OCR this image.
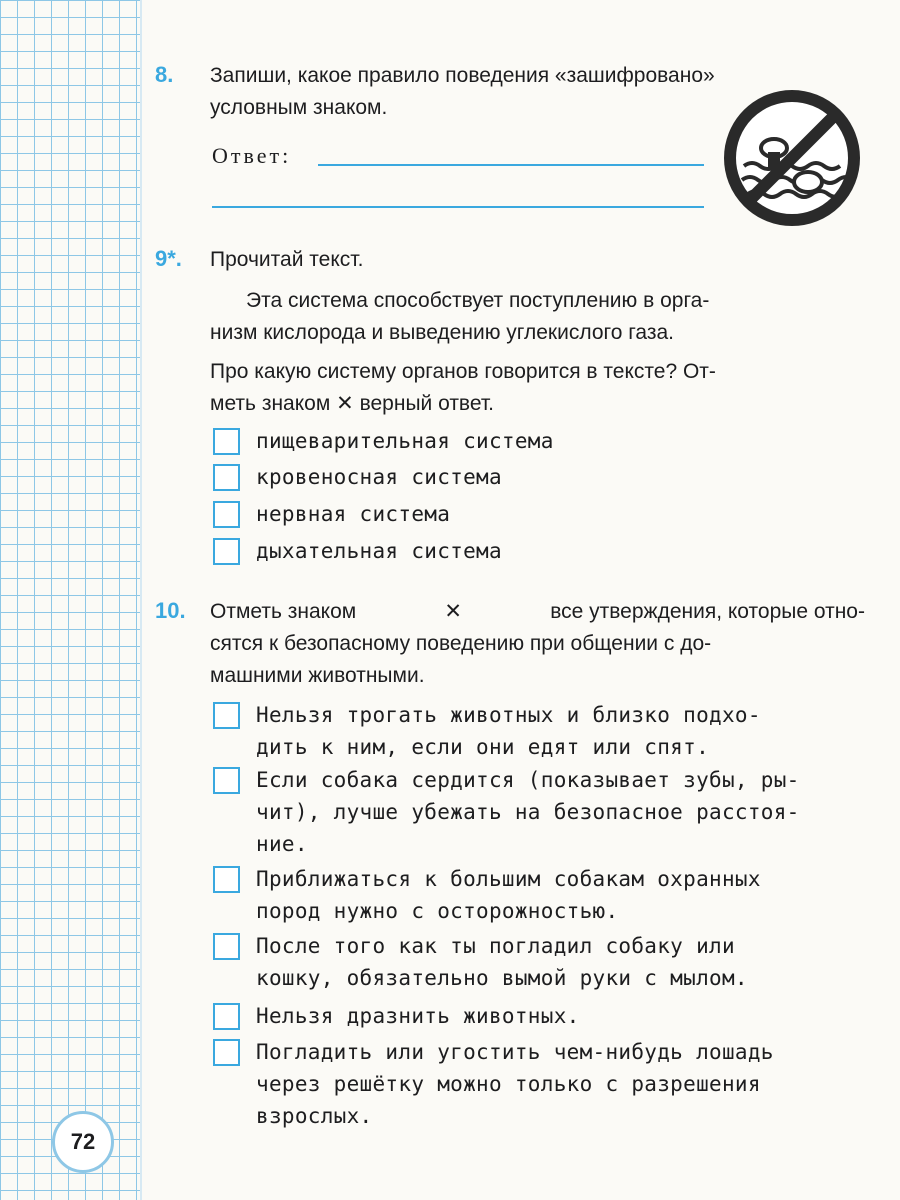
8. Запиши, какое правило поведения «зашифровано»
условным знаком.
Ответ:
9*. Прочитай текст.
Эта система способствует поступлению в орга-
низм кислорода и выведению углекислого газа.
Про какую систему органов говорится в тексте? От-
меть знаком ✕ верный ответ.
пищеварительная система
кровеносная система
нервная система
дыхательная система
10. Отметь знаком	✕	все утверждения, которые отно-
сятся к безопасному поведению при общении с до-
машними животными.
Нельзя трогать животных и близко подхо-
дить к ним, если они едят или спят.
Если собака сердится (показывает зубы, ры-
чит), лучше убежать на безопасное расстоя-
ние.
Приближаться к большим собакам охранных
пород нужно с осторожностью.
После того как ты погладил собаку или
кошку, обязательно вымой руки с мылом.
Нельзя дразнить животных.
Погладить или угостить чем-нибудь лошадь
через решётку можно только с разрешения
взрослых.
72
